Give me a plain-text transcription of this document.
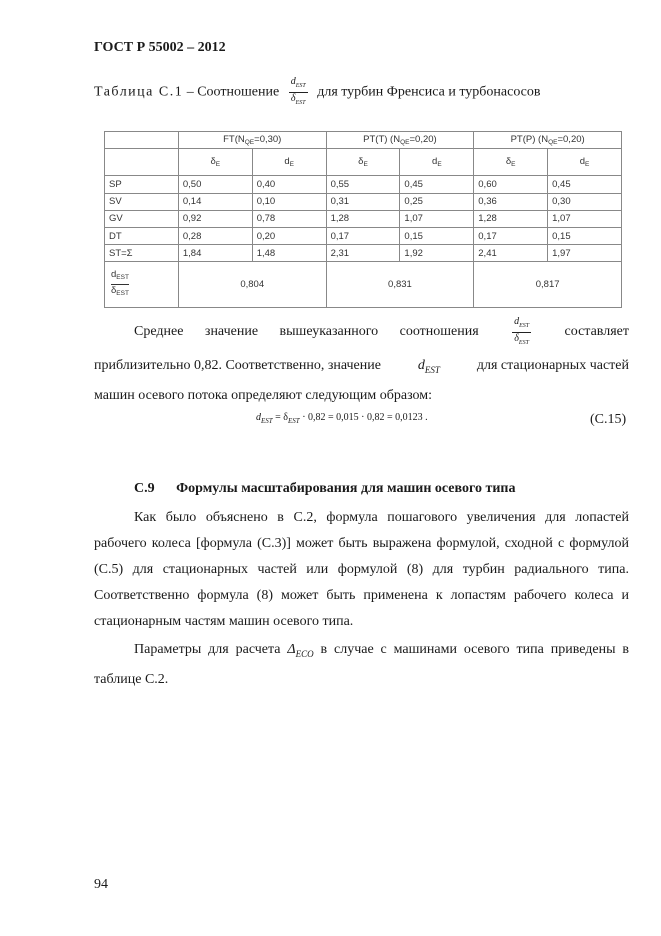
ГОСТ Р 55002 – 2012
Таблица С.1 – Соотношение $\frac{d_{EST}}{\delta_{EST}}$ для турбин Френсиса и турбонасосов
	$FT(N_{QE}=0,30)$		PT(T) $(N_{QE}=0,20)$		PT(P) $(N_{QE}=0,20)$	
	$\delta_E$	$d_E$	$\delta_E$	$d_E$	$\delta_E$	$d_E$
SP	0,50	0,40	0,55	0,45	0,60	0,45
SV	0,14	0,10	0,31	0,25	0,36	0,30
GV	0,92	0,78	1,28	1,07	1,28	1,07
DT	0,28	0,20	0,17	0,15	0,17	0,15
ST=Σ	1,84	1,48	2,31	1,92	2,41	1,97

$d_{EST}$
$\delta_{EST}$	0,804		0,831		0,817	
Среднее значение вышеуказанного соотношения	$\frac{d_{EST}}{\delta_{EST}}$ составляет
приблизительно 0,82. Соответственно, значение	$d_{EST}$	для стационарных частей
машин осевого потока определяют следующим образом:
$d_{EST} = \delta_{EST} \cdot 0,82 = 0,015 \cdot 0,82 = 0,0123$ .	(С.15)
С.9 Формулы масштабирования для машин осевого типа
Как было объяснено в С.2, формула пошагового увеличения для лопастей рабочего колеса [формула (С.3)] может быть выражена формулой, сходной с формулой (С.5) для стационарных частей или формулой (8) для турбин радиального типа. Соответственно формула (8) может быть применена к лопастям рабочего колеса и стационарным частям машин осевого типа.
Параметры для расчета $\Delta_{ECO}$ в случае с машинами осевого типа приведены в таблице С.2.
94
